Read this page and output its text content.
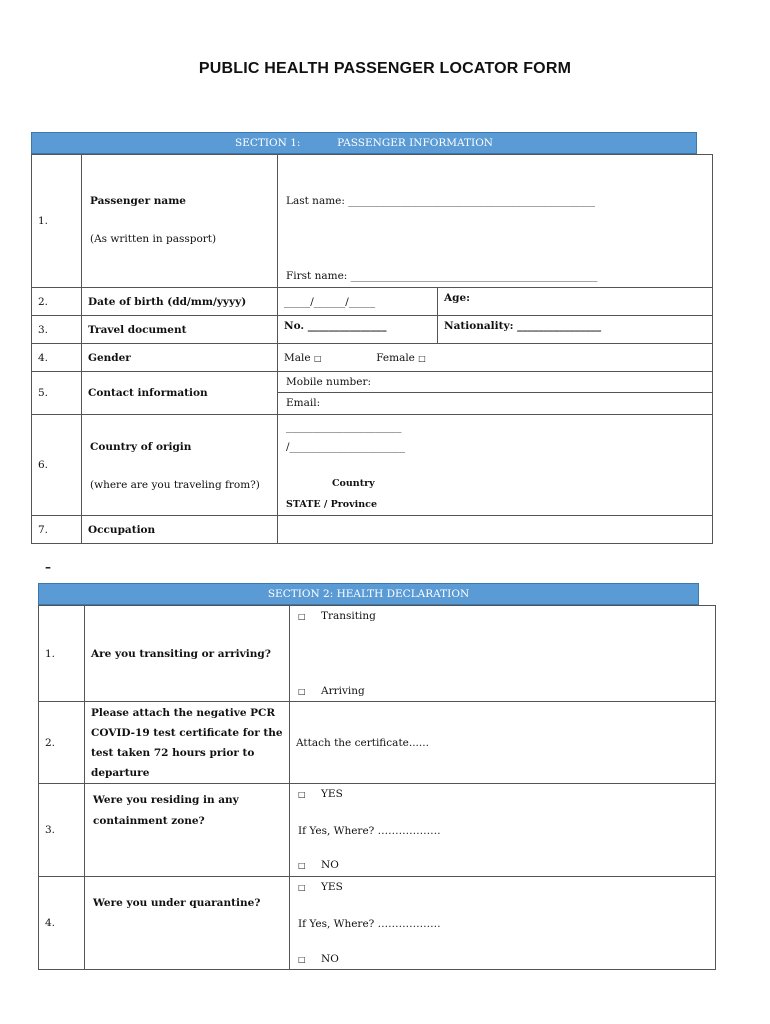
PUBLIC HEALTH PASSENGER LOCATOR FORM
SECTION 1:	PASSENGER INFORMATION
1.	Passenger name
(As written in passport)	Last name: _______________________________________________
First name: _______________________________________________	

2.	Date of birth (dd/mm/yyyy)	_____/______/_____	Age:
3.	Travel document	No. _______________	Nationality: ________________
4.	Gender	Male □ Female □	
5.	Contact information	Mobile number:
Email:	

6.	Country of origin
(where are you traveling from?)	______________________
/______________________
Country
STATE / Province	

7.	Occupation		
–
SECTION 2: HEALTH DECLARATION
1.	Are you transiting or arriving?	□ Transiting
□ Arriving

2.	Please attach the negative PCR
COVID-19 test certificate for the
test taken 72 hours prior to
departure	Attach the certificate......
3.	Were you residing in any
containment zone?	□ YES
If Yes, Where? ………………
□ NO

4.	Were you under quarantine?	□ YES
If Yes, Where? ………………
□ NO
